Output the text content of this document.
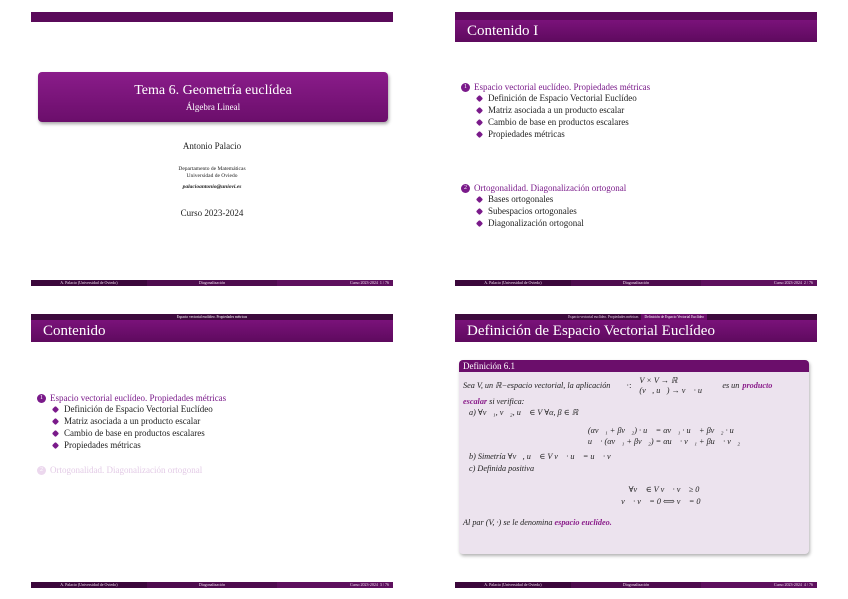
Tema 6. Geometría euclídea
Álgebra Lineal
Antonio Palacio
Departamento de Matemáticas
Universidad de Oviedo
palacioantonio@uniovi.es
Curso 2023-2024
A. Palacio (Universidad de Oviedo)	Diagonalización	Curso 2023-2024 1 / 76
Contenido I
1 Espacio vectorial euclídeo. Propiedades métricas
Definición de Espacio Vectorial Euclídeo
Matriz asociada a un producto escalar
Cambio de base en productos escalares
Propiedades métricas
2 Ortogonalidad. Diagonalización ortogonal
Bases ortogonales
Subespacios ortogonales
Diagonalización ortogonal
A. Palacio (Universidad de Oviedo)	Diagonalización	Curso 2023-2024 2 / 76
Espacio vectorial euclídeo. Propiedades métricas
Contenido
1 Espacio vectorial euclídeo. Propiedades métricas
Definición de Espacio Vectorial Euclídeo
Matriz asociada a un producto escalar
Cambio de base en productos escalares
Propiedades métricas
2 Ortogonalidad. Diagonalización ortogonal
A. Palacio (Universidad de Oviedo)	Diagonalización	Curso 2023-2024 3 / 76
Espacio vectorial euclídeo. Propiedades métricas	Definición de Espacio Vectorial Euclídeo
Definición de Espacio Vectorial Euclídeo
Definición 6.1
Sea V, un ℝ−espacio vectorial, la aplicación ·:
V × V → ℝ
(v⃗, u⃗) → v⃗ · u⃗
es un producto
escalar si verifica:
a) ∀v⃗₁, v⃗₂, u⃗ ∈ V ∀α, β ∈ ℝ
(αv⃗₁ + βv⃗₂) · u⃗ = αv⃗₁ · u⃗ + βv⃗₂ · u⃗
u⃗ · (αv⃗₁ + βv⃗₂) = αu⃗ · v⃗₁ + βu⃗ · v⃗₂
b) Simetría ∀v⃗, u⃗ ∈ V v⃗ · u⃗ = u⃗ · v⃗
c) Definida positiva
∀v⃗ ∈ V v⃗ · v⃗ ≥ 0
v⃗ · v⃗ = 0 ⟺ v⃗ = 0⃗
Al par (V, ·) se le denomina espacio euclídeo.
A. Palacio (Universidad de Oviedo)	Diagonalización	Curso 2023-2024 4 / 76
